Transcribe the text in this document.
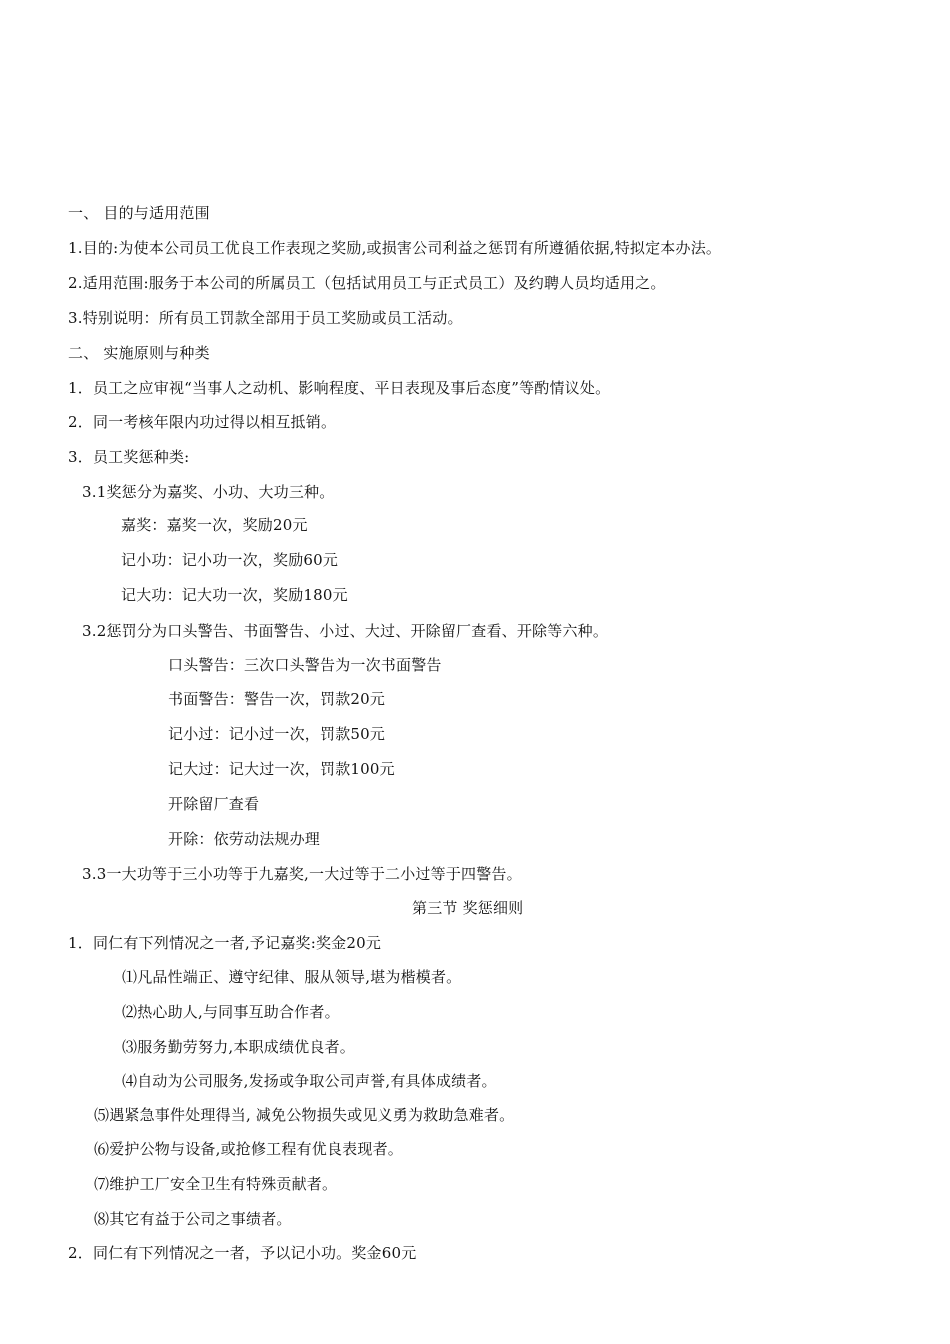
一、 目的与适用范围
1.目的:为使本公司员工优良工作表现之奖励,或损害公司利益之惩罚有所遵循依据,特拟定本办法。
2.适用范围:服务于本公司的所属员工（包括试用员工与正式员工）及约聘人员均适用之。
3.特别说明：所有员工罚款全部用于员工奖励或员工活动。
二、 实施原则与种类
1．员工之应审视“当事人之动机、影响程度、平日表现及事后态度”等酌情议处。
2．同一考核年限内功过得以相互抵销。
3．员工奖惩种类:
3.1奖惩分为嘉奖、小功、大功三种。
嘉奖：嘉奖一次，奖励20元
记小功：记小功一次，奖励60元
记大功：记大功一次，奖励180元
3.2惩罚分为口头警告、书面警告、小过、大过、开除留厂查看、开除等六种。
口头警告：三次口头警告为一次书面警告
书面警告：警告一次，罚款20元
记小过：记小过一次，罚款50元
记大过：记大过一次，罚款100元
开除留厂查看
开除：依劳动法规办理
3.3一大功等于三小功等于九嘉奖,一大过等于二小过等于四警告。
第三节 奖惩细则
1．同仁有下列情况之一者,予记嘉奖:奖金20元
⑴凡品性端正、遵守纪律、服从领导,堪为楷模者。
⑵热心助人,与同事互助合作者。
⑶服务勤劳努力,本职成绩优良者。
⑷自动为公司服务,发扬或争取公司声誉,有具体成绩者。
⑸遇紧急事件处理得当, 减免公物损失或见义勇为救助急难者。
⑹爱护公物与设备,或抢修工程有优良表现者。
⑺维护工厂安全卫生有特殊贡献者。
⑻其它有益于公司之事绩者。
2．同仁有下列情况之一者，予以记小功。奖金60元
